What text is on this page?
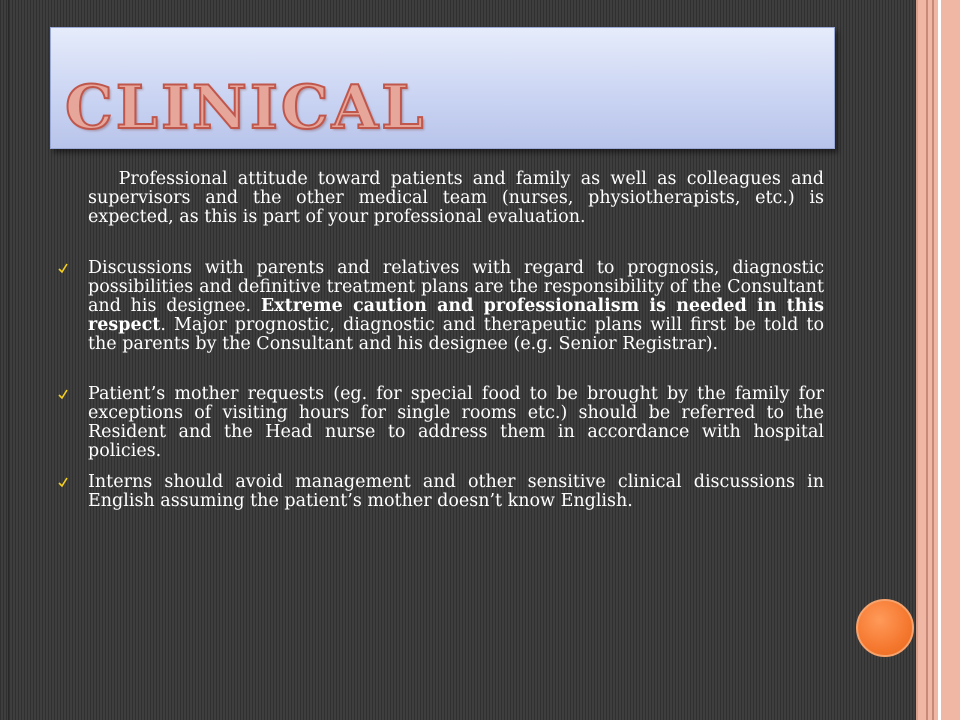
CLINICAL

Professional attitude toward patients and family as well as colleagues and supervisors and the other medical team (nurses, physiotherapists, etc.) is expected, as this is part of your professional evaluation.

Discussions with parents and relatives with regard to prognosis, diagnostic possibilities and definitive treatment plans are the responsibility of the Consultant and his designee. Extreme caution and professionalism is needed in this respect. Major prognostic, diagnostic and therapeutic plans will first be told to the parents by the Consultant and his designee (e.g. Senior Registrar).

Patient’s mother requests (eg. for special food to be brought by the family for exceptions of visiting hours for single rooms etc.) should be referred to the Resident and the Head nurse to address them in accordance with hospital policies.

Interns should avoid management and other sensitive clinical discussions in English assuming the patient’s mother doesn’t know English.
